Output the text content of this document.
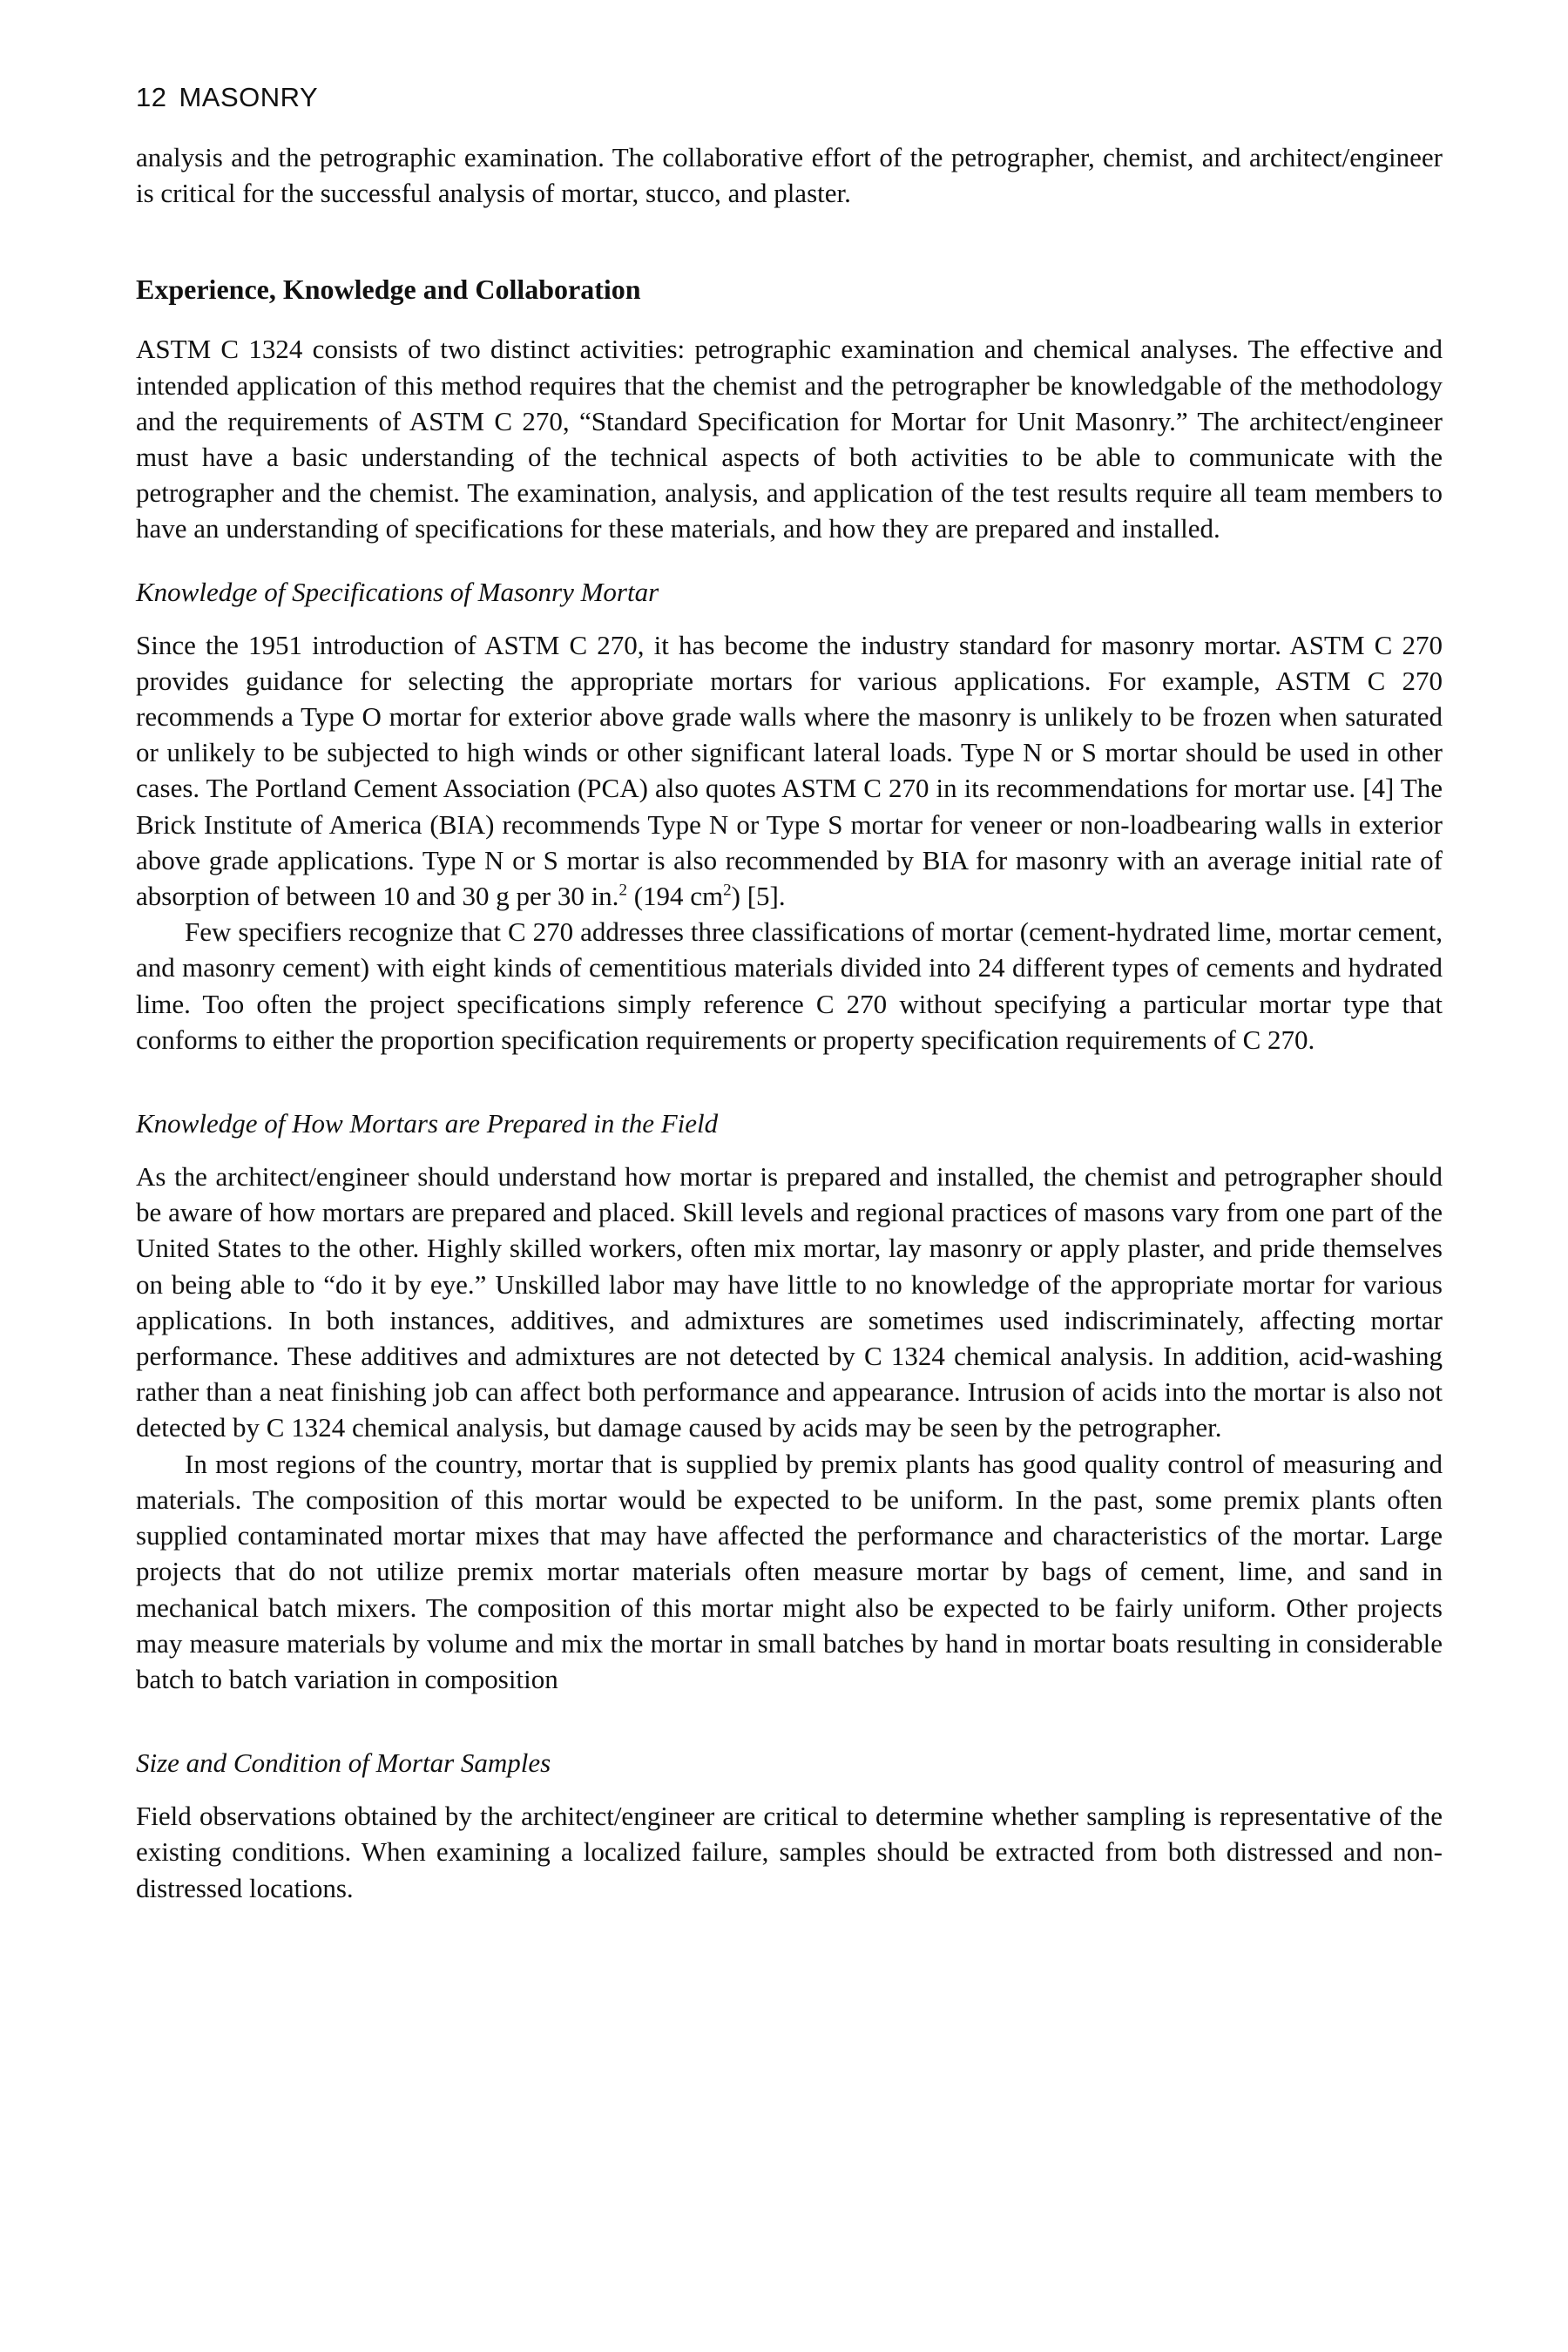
12 MASONRY

analysis and the petrographic examination. The collaborative effort of the petrographer, chemist, and architect/engineer is critical for the successful analysis of mortar, stucco, and plaster.

Experience, Knowledge and Collaboration

ASTM C 1324 consists of two distinct activities: petrographic examination and chemical analyses. The effective and intended application of this method requires that the chemist and the petrographer be knowledgable of the methodology and the requirements of ASTM C 270, “Standard Specification for Mortar for Unit Masonry.” The architect/engineer must have a basic understanding of the technical aspects of both activities to be able to communicate with the petrographer and the chemist. The examination, analysis, and application of the test results require all team members to have an understanding of specifications for these materials, and how they are prepared and installed.

Knowledge of Specifications of Masonry Mortar

Since the 1951 introduction of ASTM C 270, it has become the industry standard for masonry mortar. ASTM C 270 provides guidance for selecting the appropriate mortars for various applications. For example, ASTM C 270 recommends a Type O mortar for exterior above grade walls where the masonry is unlikely to be frozen when saturated or unlikely to be subjected to high winds or other significant lateral loads. Type N or S mortar should be used in other cases. The Portland Cement Association (PCA) also quotes ASTM C 270 in its recommendations for mortar use. [4] The Brick Institute of America (BIA) recommends Type N or Type S mortar for veneer or non-loadbearing walls in exterior above grade applications. Type N or S mortar is also recommended by BIA for masonry with an average initial rate of absorption of between 10 and 30 g per 30 in.$^2$ (194 $cm^2$) [5].

Few specifiers recognize that C 270 addresses three classifications of mortar (cement-hydrated lime, mortar cement, and masonry cement) with eight kinds of cementitious materials divided into 24 different types of cements and hydrated lime. Too often the project specifications simply reference C 270 without specifying a particular mortar type that conforms to either the proportion specification requirements or property specification requirements of C 270.

Knowledge of How Mortars are Prepared in the Field

As the architect/engineer should understand how mortar is prepared and installed, the chemist and petrographer should be aware of how mortars are prepared and placed. Skill levels and regional practices of masons vary from one part of the United States to the other. Highly skilled workers, often mix mortar, lay masonry or apply plaster, and pride themselves on being able to “do it by eye.” Unskilled labor may have little to no knowledge of the appropriate mortar for various applications. In both instances, additives, and admixtures are sometimes used indiscriminately, affecting mortar performance. These additives and admixtures are not detected by C 1324 chemical analysis. In addition, acid-washing rather than a neat finishing job can affect both performance and appearance. Intrusion of acids into the mortar is also not detected by C 1324 chemical analysis, but damage caused by acids may be seen by the petrographer.

In most regions of the country, mortar that is supplied by premix plants has good quality control of measuring and materials. The composition of this mortar would be expected to be uniform. In the past, some premix plants often supplied contaminated mortar mixes that may have affected the performance and characteristics of the mortar. Large projects that do not utilize premix mortar materials often measure mortar by bags of cement, lime, and sand in mechanical batch mixers. The composition of this mortar might also be expected to be fairly uniform. Other projects may measure materials by volume and mix the mortar in small batches by hand in mortar boats resulting in considerable batch to batch variation in composition

Size and Condition of Mortar Samples

Field observations obtained by the architect/engineer are critical to determine whether sampling is representative of the existing conditions. When examining a localized failure, samples should be extracted from both distressed and non-distressed locations.
